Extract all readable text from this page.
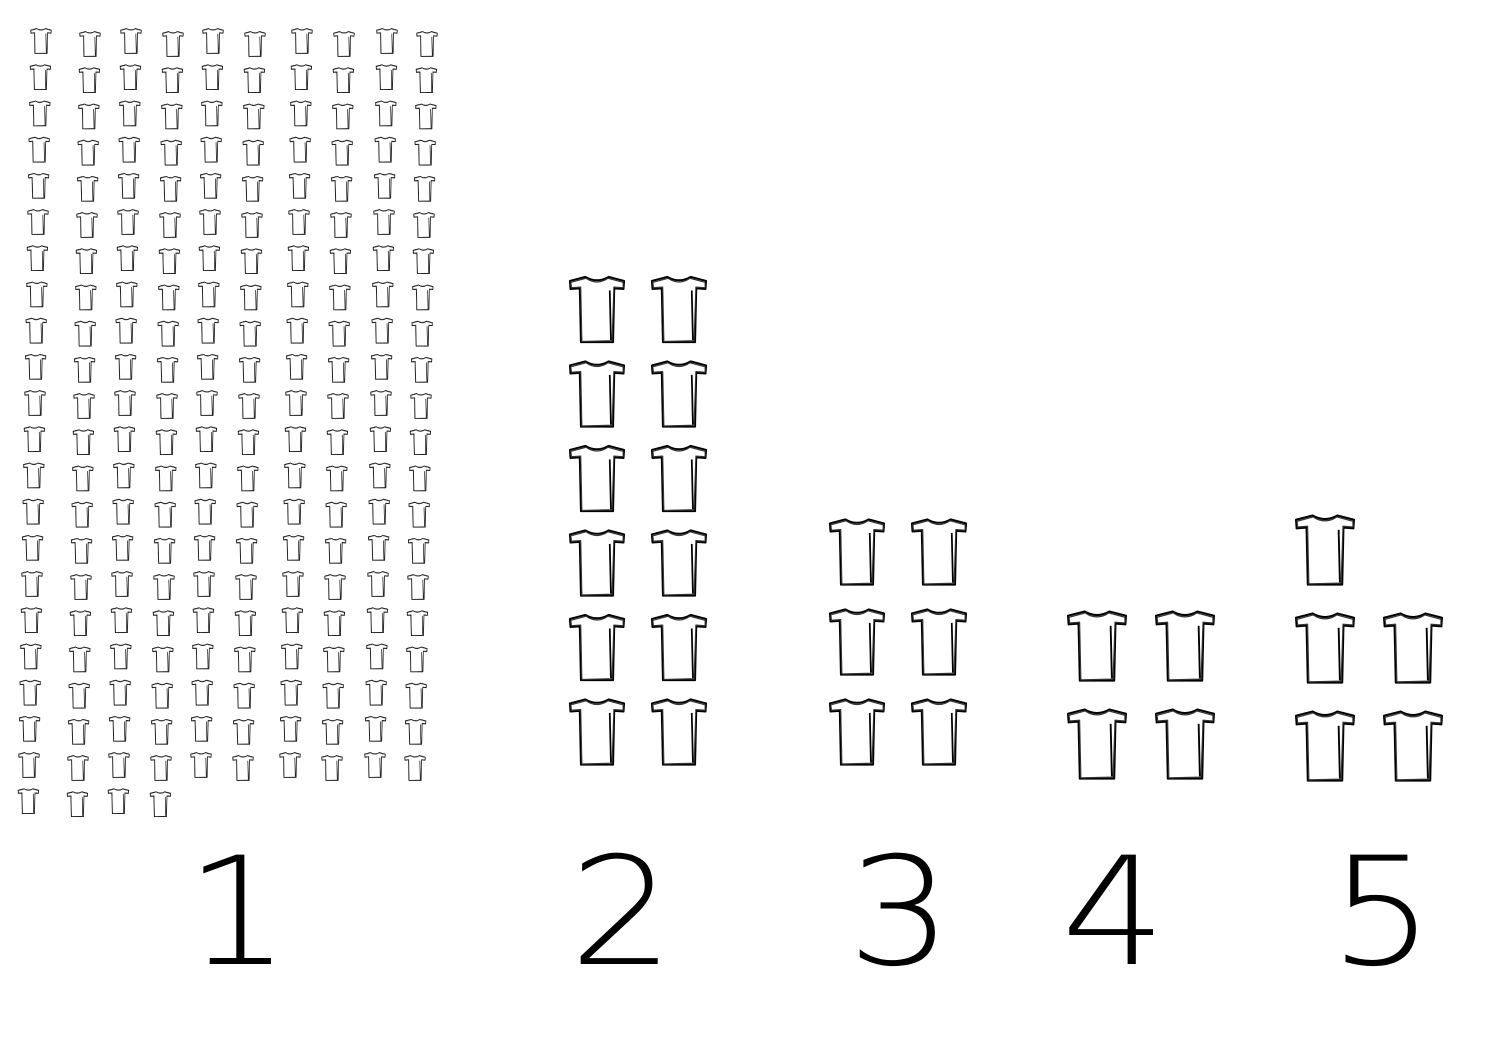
1 2 3 4 5
